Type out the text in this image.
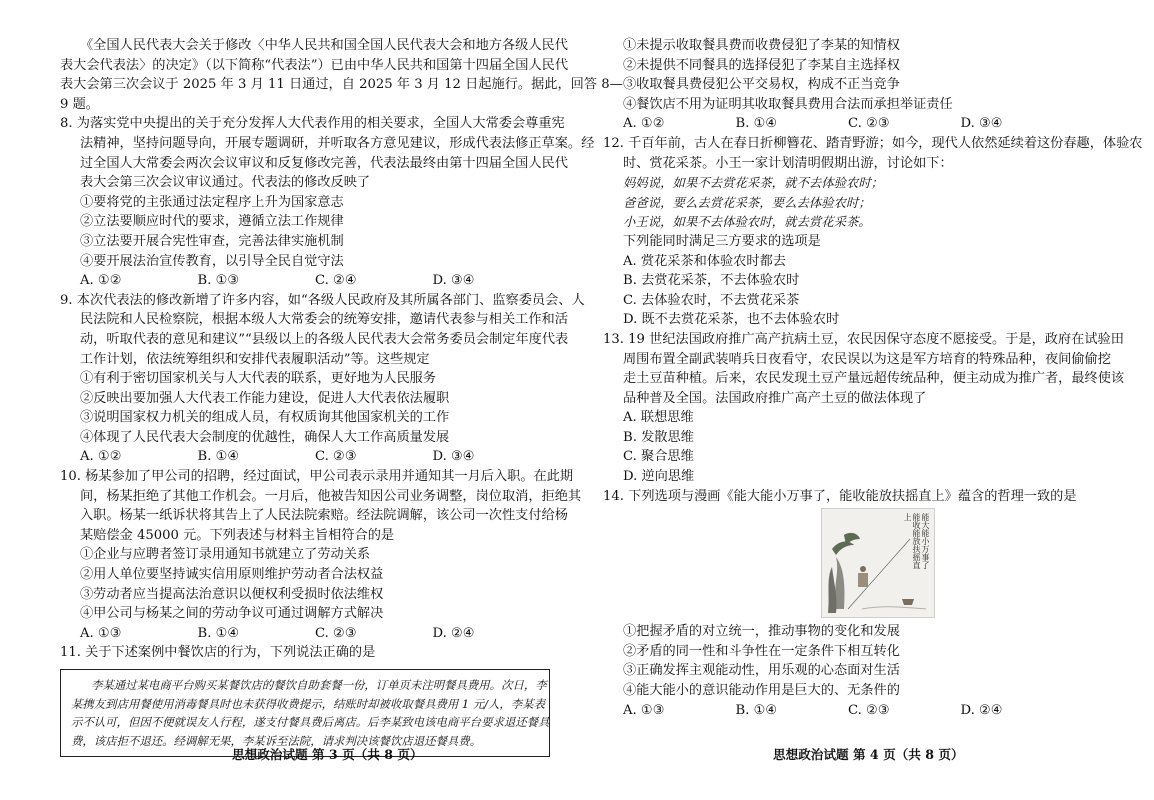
《全国人民代表大会关于修改〈中华人民共和国全国人民代表大会和地方各级人民代
表大会代表法〉的决定》（以下简称“代表法”）已由中华人民共和国第十四届全国人民代
表大会第三次会议于 2025 年 3 月 11 日通过，自 2025 年 3 月 12 日起施行。据此，回答 8—
9 题。
8. 为落实党中央提出的关于充分发挥人大代表作用的相关要求，全国人大常委会尊重宪
法精神，坚持问题导向，开展专题调研，并听取各方意见建议，形成代表法修正草案。经
过全国人大常委会两次会议审议和反复修改完善，代表法最终由第十四届全国人民代
表大会第三次会议审议通过。代表法的修改反映了
①要将党的主张通过法定程序上升为国家意志
②立法要顺应时代的要求，遵循立法工作规律
③立法要开展合宪性审查，完善法律实施机制
④要开展法治宣传教育，以引导全民自觉守法
A. ①②	B. ①③	C. ②④	D. ③④
9. 本次代表法的修改新增了许多内容，如“各级人民政府及其所属各部门、监察委员会、人
民法院和人民检察院，根据本级人大常委会的统筹安排，邀请代表参与相关工作和活
动，听取代表的意见和建议”“县级以上的各级人民代表大会常务委员会制定年度代表
工作计划，依法统筹组织和安排代表履职活动”等。这些规定
①有利于密切国家机关与人大代表的联系，更好地为人民服务
②反映出要加强人大代表工作能力建设，促进人大代表依法履职
③说明国家权力机关的组成人员，有权质询其他国家机关的工作
④体现了人民代表大会制度的优越性，确保人大工作高质量发展
A. ①②	B. ①④	C. ②③	D. ③④
10. 杨某参加了甲公司的招聘，经过面试，甲公司表示录用并通知其一月后入职。在此期
间，杨某拒绝了其他工作机会。一月后，他被告知因公司业务调整，岗位取消，拒绝其
入职。杨某一纸诉状将其告上了人民法院索赔。经法院调解，该公司一次性支付给杨
某赔偿金 45000 元。下列表述与材料主旨相符合的是
①企业与应聘者签订录用通知书就建立了劳动关系
②用人单位要坚持诚实信用原则维护劳动者合法权益
③劳动者应当提高法治意识以便权利受损时依法维权
④甲公司与杨某之间的劳动争议可通过调解方式解决
A. ①③	B. ①④	C. ②③	D. ②④
11. 关于下述案例中餐饮店的行为，下列说法正确的是
李某通过某电商平台购买某餐饮店的餐饮自助套餐一份，订单页未注明餐具费用。次日，李
某携友到店用餐使用消毒餐具时也未获得收费提示，结账时却被收取餐具费用 1 元/人，李某表
示不认可，但因不便就误友人行程，遂支付餐具费后离店。后李某致电该电商平台要求退还餐具
费，该店拒不退还。经调解无果，李某诉至法院，请求判决该餐饮店退还餐具费。
①未提示收取餐具费而收费侵犯了李某的知情权
②未提供不同餐具的选择侵犯了李某自主选择权
③收取餐具费侵犯公平交易权，构成不正当竞争
④餐饮店不用为证明其收取餐具费用合法而承担举证责任
A. ①②	B. ①④	C. ②③	D. ③④
12. 千百年前，古人在春日折柳簪花、踏青野游；如今，现代人依然延续着这份春趣，体验农
时、赏花采茶。小王一家计划清明假期出游，讨论如下：
妈妈说，如果不去赏花采茶，就不去体验农时；
爸爸说，要么去赏花采茶，要么去体验农时；
小王说，如果不去体验农时，就去赏花采茶。
下列能同时满足三方要求的选项是
A. 赏花采茶和体验农时都去
B. 去赏花采茶，不去体验农时
C. 去体验农时，不去赏花采茶
D. 既不去赏花采茶，也不去体验农时
13. 19 世纪法国政府推广高产抗病土豆，农民因保守态度不愿接受。于是，政府在试验田
周围布置全副武装哨兵日夜看守，农民误以为这是军方培育的特殊品种，夜间偷偷挖
走土豆苗种植。后来，农民发现土豆产量远超传统品种，便主动成为推广者，最终使该
品种普及全国。法国政府推广高产土豆的做法体现了
A. 联想思维
B. 发散思维
C. 聚合思维
D. 逆向思维
14. 下列选项与漫画《能大能小万事了，能收能放扶摇直上》蕴含的哲理一致的是
能大能小万事了 能收能放扶摇直上
①把握矛盾的对立统一，推动事物的变化和发展
②矛盾的同一性和斗争性在一定条件下相互转化
③正确发挥主观能动性，用乐观的心态面对生活
④能大能小的意识能动作用是巨大的、无条件的
A. ①③	B. ①④	C. ②③	D. ②④
思想政治试题 第 3 页（共 8 页）	思想政治试题 第 4 页（共 8 页）
